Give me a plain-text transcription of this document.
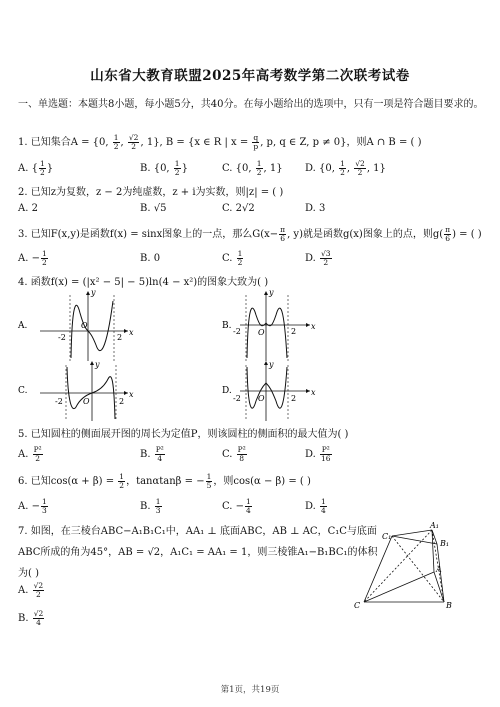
山东省大教育联盟2025年高考数学第二次联考试卷
一、单选题：本题共8小题，每小题5分，共40分。在每小题给出的选项中，只有一项是符合题目要求的。
1. 已知集合A = {0, $\frac{1}{2}$ , $\frac{√2}{2}$ , 1}, B = {x ∈ R | $x = \frac{q}{p}$ , p, q ∈ Z, p ≠ 0}，则A ∩ B = ( )
A. { $\frac{1}{2}$ }	B. {0, $\frac{1}{2}$ }	C. {0, $\frac{1}{2}$ , 1} D. {0, $\frac{1}{2}$ , $\frac{√2}{2}$ , 1}
2. 已知z为复数，z − 2为纯虚数，z + i为实数，则|z| = ( )
A. 2	B. √5	C. 2√2	D. 3
3. 已知F(x,y)是函数f(x) = sinx图象上的一点，那么$G(x- \frac{\pi}{6}$ , y)就是函数g(x)图象上的点，则$g( \frac{\pi}{6}$ ) = ( )
A. − $\frac{1}{2}$	B. 0	C. $\frac{1}{2}$	D. $\frac{√3}{2}$
4. 函数f(x) = (|x² − 5| − 5)ln(4 − x²)的图象大致为( )
A.
y
x
O
-2	2
B.
y
x
O
-2	2
C.
y
x
O
-2	2
D.
y
x
O
-2	2
5. 已知圆柱的侧面展开图的周长为定值P，则该圆柱的侧面积的最大值为( )
A. $\frac{\text{P²}}{2}$	B. $\frac{\text{P²}}{4}$	C. $\frac{\text{P²}}{8}$	D. $\frac{\text{P²}}{16}$
6. 已知$\cos(\alpha + \beta) = \frac{1}{2}$ ，tanαtanβ = − $\frac{1}{5}$ ，则cos(α − β) = ( )
A. − $\frac{1}{3}$	B. $\frac{1}{3}$	C. − $\frac{1}{4}$	D. $\frac{1}{4}$
7. 如图，在三棱台ABC−A₁B₁C₁中，AA₁ ⊥ 底面ABC，AB ⊥ AC，C₁C与底面
ABC所成的角为45°，AB = √2，A₁C₁ = AA₁ = 1，则三棱锥A₁−B₁BC₁的体积
为( )
A. $\frac{√2}{2}$
B. $\frac{√2}{4}$
C₁
A₁
B₁
A
C	B
第1页，共19页
